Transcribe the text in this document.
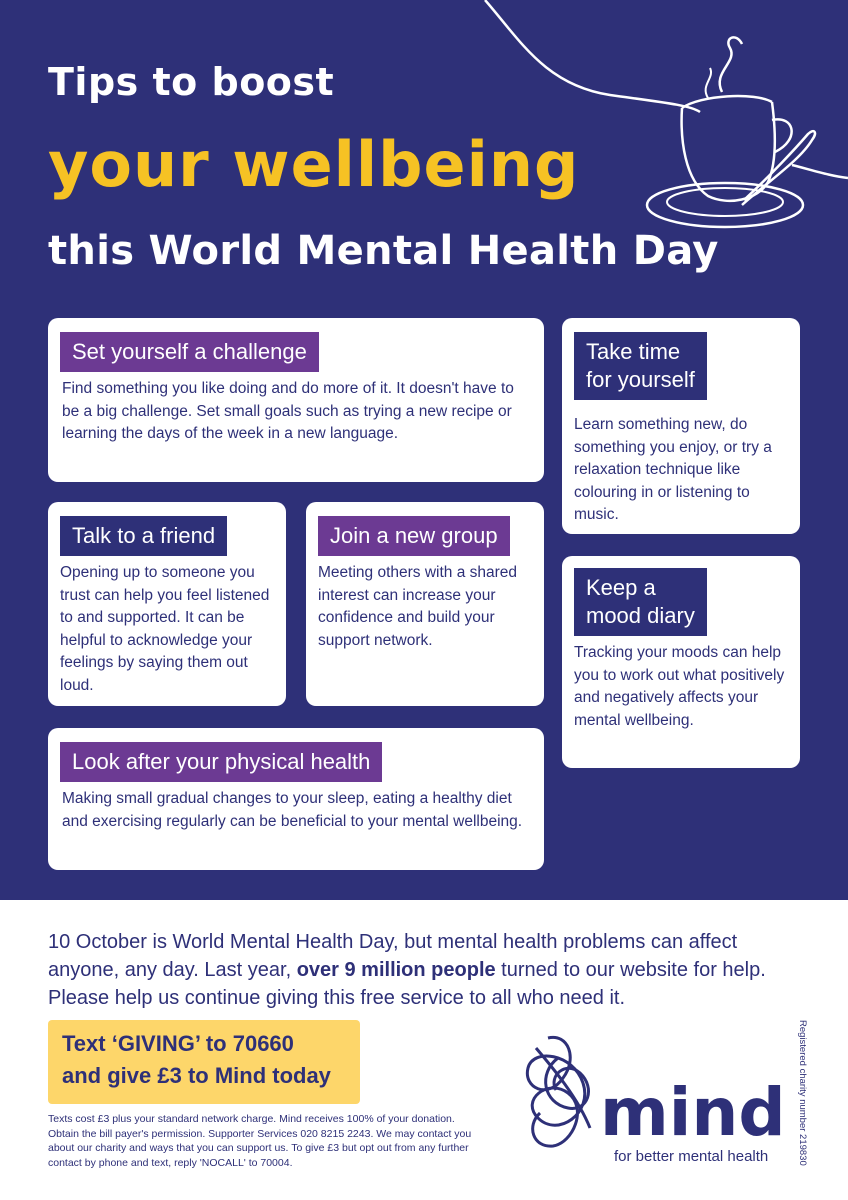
Tips to boost
your wellbeing
this World Mental Health Day
Set yourself a challenge
Find something you like doing and do more of it. It doesn't have to be a big challenge. Set small goals such as trying a new recipe or learning the days of the week in a new language.
Take time
for yourself
Learn something new, do something you enjoy, or try a relaxation technique like colouring in or listening to music.
Talk to a friend
Opening up to someone you trust can help you feel listened to and supported. It can be helpful to acknowledge your feelings by saying them out loud.
Join a new group
Meeting others with a shared interest can increase your confidence and build your support network.
Keep a
mood diary
Tracking your moods can help you to work out what positively and negatively affects your mental wellbeing.
Look after your physical health
Making small gradual changes to your sleep, eating a healthy diet and exercising regularly can be beneficial to your mental wellbeing.
10 October is World Mental Health Day, but mental health problems can affect anyone, any day. Last year, over 9 million people turned to our website for help. Please help us continue giving this free service to all who need it.
Text ‘GIVING’ to 70660
and give £3 to Mind today
Texts cost £3 plus your standard network charge. Mind receives 100% of your donation. Obtain the bill payer's permission. Supporter Services 020 8215 2243. We may contact you about our charity and ways that you can support us. To give £3 but opt out from any further contact by phone and text, reply 'NOCALL' to 70004.	Registered charity number 219830
mind
for better mental health
